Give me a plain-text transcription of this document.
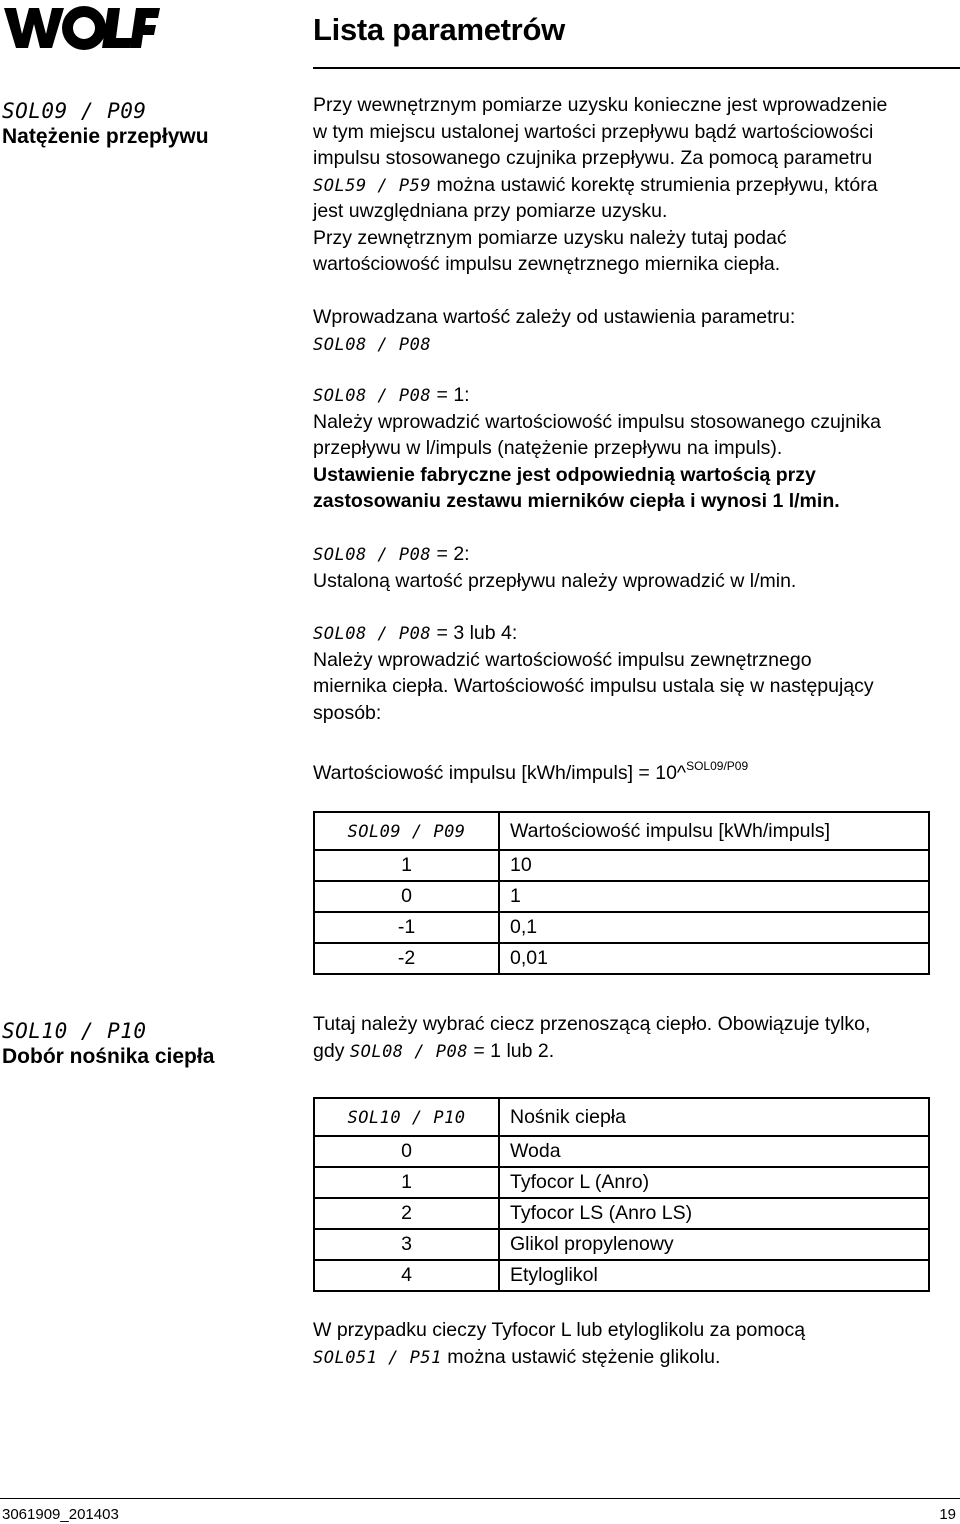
Lista parametrów
SOL09 / P09
Natężenie przepływu
Przy wewnętrznym pomiarze uzysku konieczne jest wprowadzenie
w tym miejscu ustalonej wartości przepływu bądź wartościowości
impulsu stosowanego czujnika przepływu. Za pomocą parametru
SOL59 / P59 można ustawić korektę strumienia przepływu, która
jest uwzględniana przy pomiarze uzysku.
Przy zewnętrznym pomiarze uzysku należy tutaj podać
wartościowość impulsu zewnętrznego miernika ciepła.
Wprowadzana wartość zależy od ustawienia parametru:
SOL08 / P08
SOL08 / P08 = 1:
Należy wprowadzić wartościowość impulsu stosowanego czujnika
przepływu w l/impuls (natężenie przepływu na impuls).
Ustawienie fabryczne jest odpowiednią wartością przy
zastosowaniu zestawu mierników ciepła i wynosi 1 l/min.
SOL08 / P08 = 2:
Ustaloną wartość przepływu należy wprowadzić w l/min.
SOL08 / P08 = 3 lub 4:
Należy wprowadzić wartościowość impulsu zewnętrznego
miernika ciepła. Wartościowość impulsu ustala się w następujący
sposób:
Wartościowość impulsu [kWh/impuls] = 10^$^{SOL09/P09}$
SOL09 / P09	Wartościowość impulsu [kWh/impuls]
1	10
0	1
-1	0,1
-2	0,01
SOL10 / P10
Dobór nośnika ciepła
Tutaj należy wybrać ciecz przenoszącą ciepło. Obowiązuje tylko,
gdy SOL08 / P08 = 1 lub 2.
SOL10 / P10	Nośnik ciepła
0	Woda
1	Tyfocor L (Anro)
2	Tyfocor LS (Anro LS)
3	Glikol propylenowy
4	Etyloglikol
W przypadku cieczy Tyfocor L lub etyloglikolu za pomocą
SOL051 / P51 można ustawić stężenie glikolu.
3061909_201403	19
